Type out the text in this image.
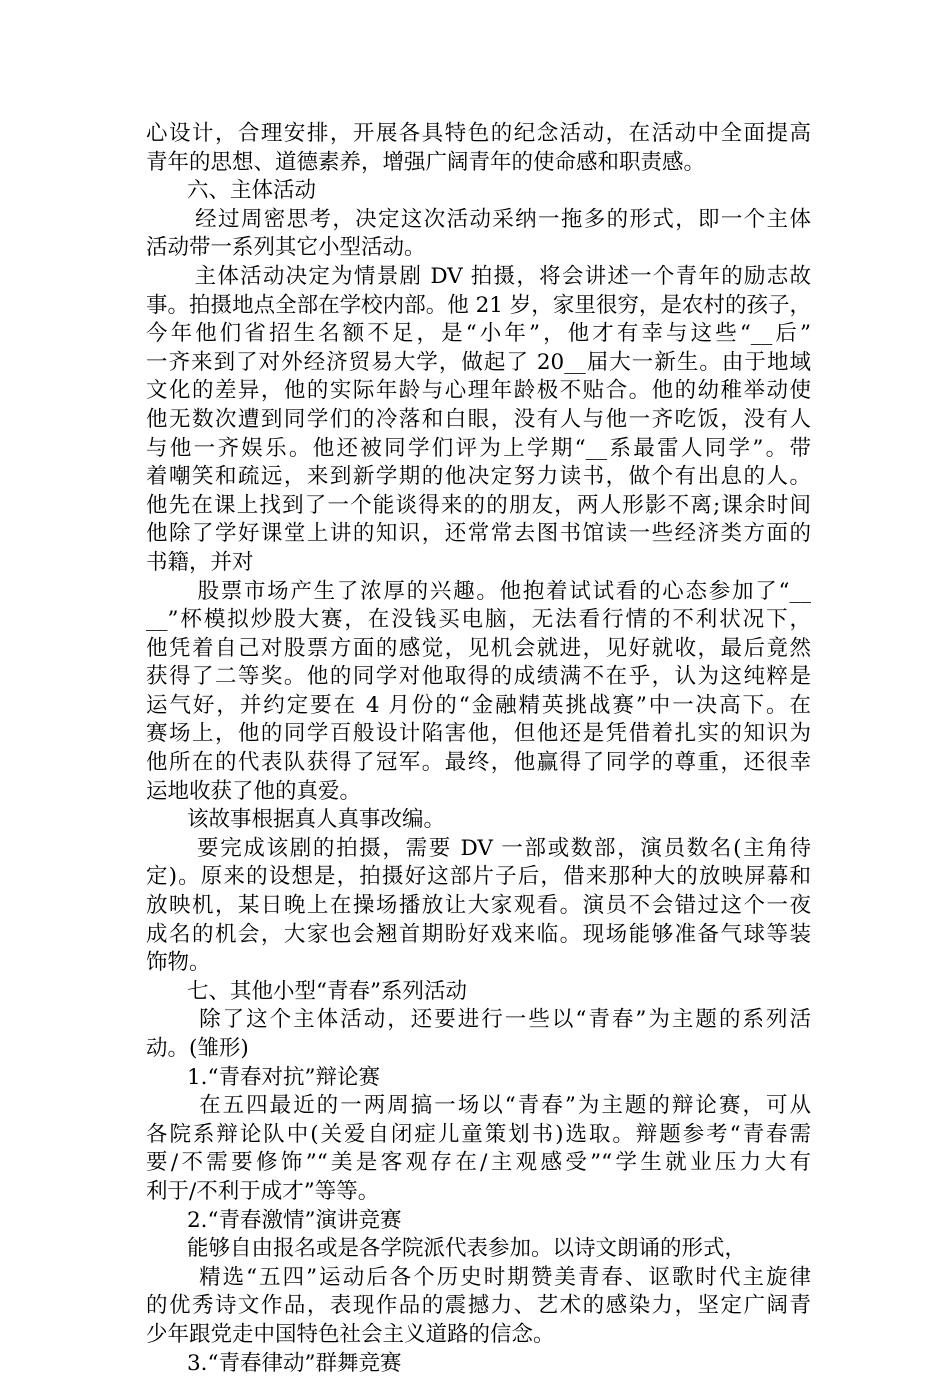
心设计，合理安排，开展各具特色的纪念活动，在活动中全面提高
青年的思想、道德素养，增强广阔青年的使命感和职责感。
六、主体活动
经过周密思考，决定这次活动采纳一拖多的形式，即一个主体
活动带一系列其它小型活动。
主体活动决定为情景剧 DV 拍摄，将会讲述一个青年的励志故
事。拍摄地点全部在学校内部。他 21 岁，家里很穷，是农村的孩子，
今年他们省招生名额不足，是“小年”，他才有幸与这些“__后”
一齐来到了对外经济贸易大学，做起了 20__届大一新生。由于地域
文化的差异，他的实际年龄与心理年龄极不贴合。他的幼稚举动使
他无数次遭到同学们的冷落和白眼，没有人与他一齐吃饭，没有人
与他一齐娱乐。他还被同学们评为上学期“__系最雷人同学”。带
着嘲笑和疏远，来到新学期的他决定努力读书，做个有出息的人。
他先在课上找到了一个能谈得来的的朋友，两人形影不离;课余时间
他除了学好课堂上讲的知识，还常常去图书馆读一些经济类方面的
书籍，并对
股票市场产生了浓厚的兴趣。他抱着试试看的心态参加了“__
__”杯模拟炒股大赛，在没钱买电脑，无法看行情的不利状况下，
他凭着自己对股票方面的感觉，见机会就进，见好就收，最后竟然
获得了二等奖。他的同学对他取得的成绩满不在乎，认为这纯粹是
运气好，并约定要在 4 月份的“金融精英挑战赛”中一决高下。在
赛场上，他的同学百般设计陷害他，但他还是凭借着扎实的知识为
他所在的代表队获得了冠军。最终，他赢得了同学的尊重，还很幸
运地收获了他的真爱。
该故事根据真人真事改编。
要完成该剧的拍摄，需要 DV 一部或数部，演员数名(主角待
定)。原来的设想是，拍摄好这部片子后，借来那种大的放映屏幕和
放映机，某日晚上在操场播放让大家观看。演员不会错过这个一夜
成名的机会，大家也会翘首期盼好戏来临。现场能够准备气球等装
饰物。
七、其他小型“青春”系列活动
除了这个主体活动，还要进行一些以“青春”为主题的系列活
动。(雏形)
1.“青春对抗”辩论赛
在五四最近的一两周搞一场以“青春”为主题的辩论赛，可从
各院系辩论队中(关爱自闭症儿童策划书)选取。辩题参考“青春需
要/不需要修饰”“美是客观存在/主观感受”“学生就业压力大有
利于/不利于成才”等等。
2.“青春激情”演讲竞赛
能够自由报名或是各学院派代表参加。以诗文朗诵的形式，
精选“五四”运动后各个历史时期赞美青春、讴歌时代主旋律
的优秀诗文作品，表现作品的震撼力、艺术的感染力，坚定广阔青
少年跟党走中国特色社会主义道路的信念。
3.“青春律动”群舞竞赛
